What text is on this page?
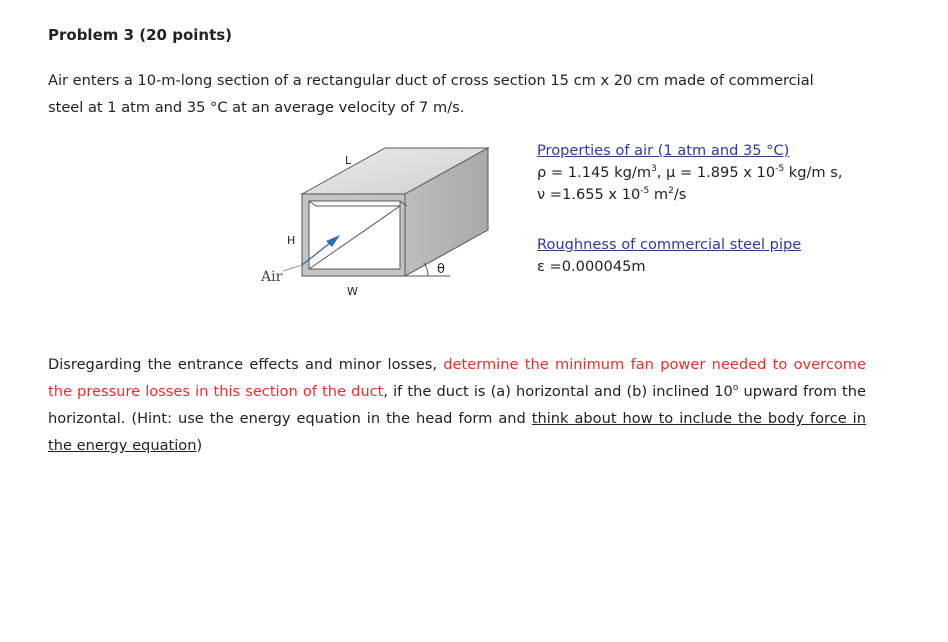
Problem 3 (20 points)

Air enters a 10-m-long section of a rectangular duct of cross section 15 cm x 20 cm made of commercial
steel at 1 atm and 35 °C at an average velocity of 7 m/s.

L
H
W
Air	θ
Properties of air (1 atm and 35 °C)
ρ = 1.145 $kg/m^3$, μ = 1.895 x $10^{-5}$ kg/m s,
ν =1.655 x $10^{-5}$ $m^2/s$
Roughness of commercial steel pipe
ε =0.000045m

Disregarding the entrance effects and minor losses, determine the minimum fan power needed to overcome the pressure losses in this section of the duct, if the duct is (a) horizontal and (b) inclined 10$^o$ upward from the horizontal. (Hint: use the energy equation in the head form and think about how to include the body force in the energy equation)
